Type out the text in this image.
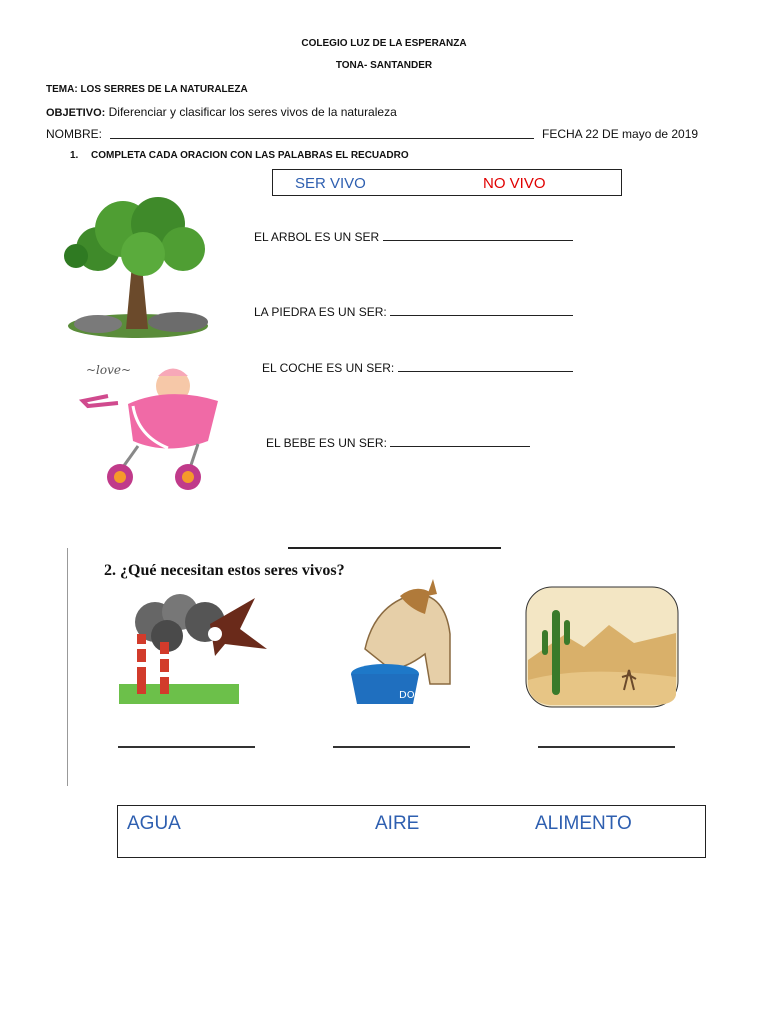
COLEGIO LUZ DE LA ESPERANZA
TONA- SANTANDER
TEMA: LOS SERRES DE LA NATURALEZA
OBJETIVO: Diferenciar y clasificar los seres vivos de la naturaleza
NOMBRE:	FECHA 22 DE mayo de 2019
1. COMPLETA CADA ORACION CON LAS PALABRAS EL RECUADRO
SER VIVO	NO VIVO
~love~
EL ARBOL ES UN SER
LA PIEDRA ES UN SER:
EL COCHE ES UN SER:
EL BEBE ES UN SER:
2. ¿Qué necesitan estos seres vivos?
DOG
AGUA	AIRE	ALIMENTO
